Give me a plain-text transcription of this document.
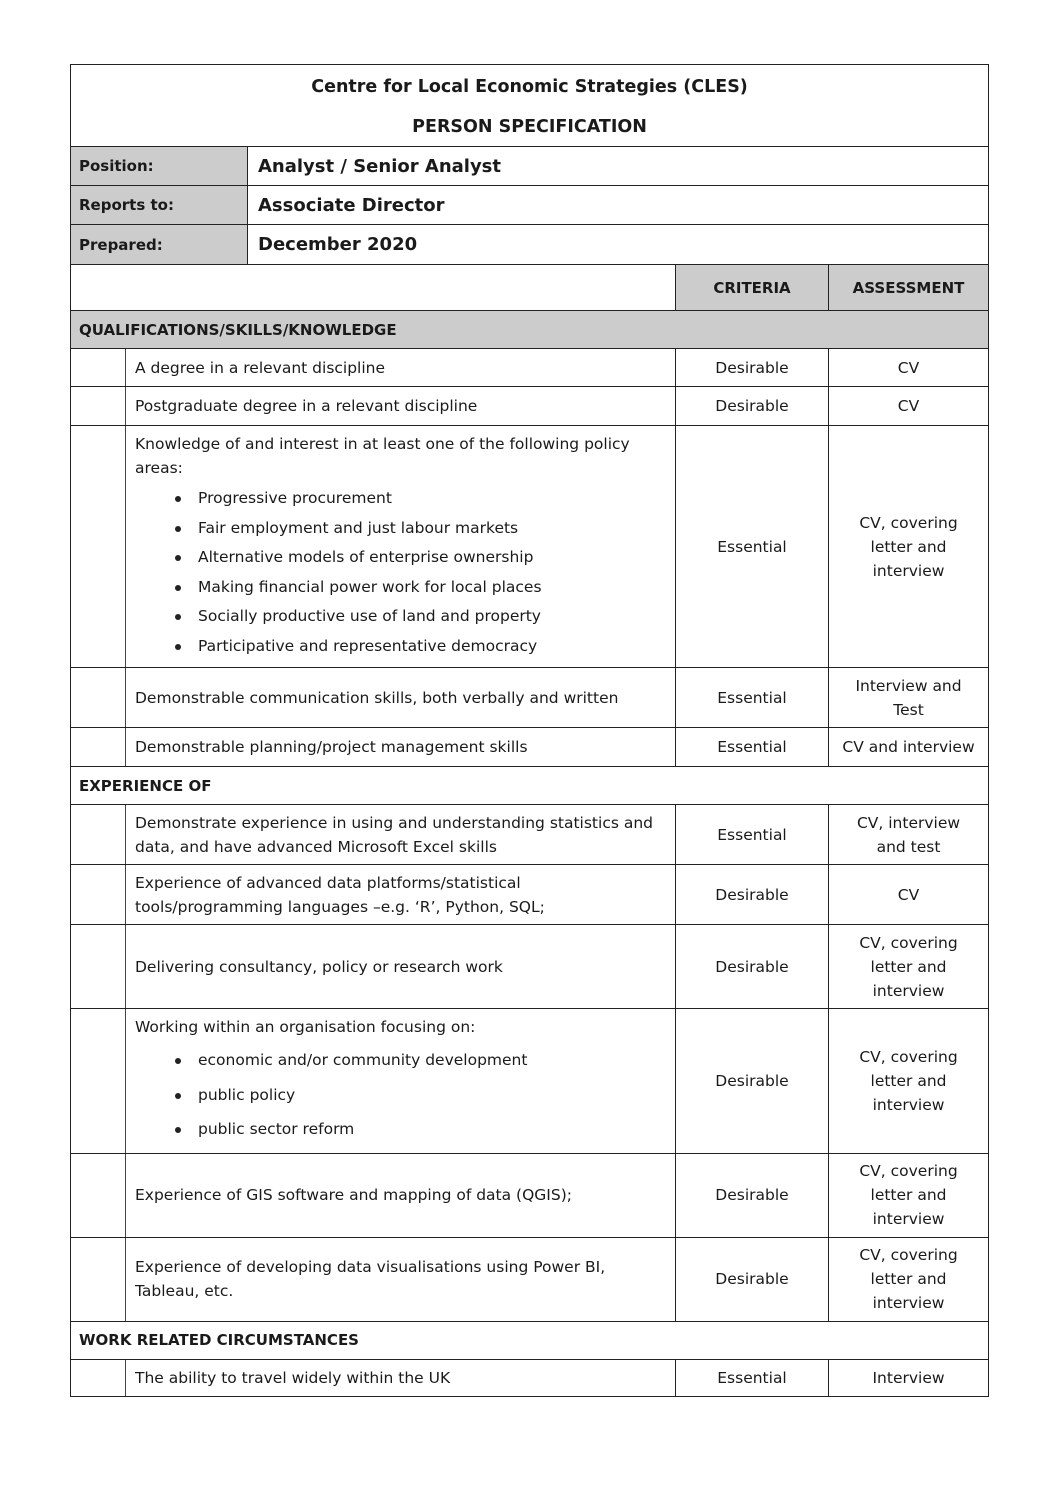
Centre for Local Economic Strategies (CLES)				
PERSON SPECIFICATION				
Position:		Analyst / Senior Analyst		
Reports to:		Associate Director		
Prepared:		December 2020		
			CRITERIA	ASSESSMENT
QUALIFICATIONS/SKILLS/KNOWLEDGE				
	A degree in a relevant discipline		Desirable	CV
	Postgraduate degree in a relevant discipline		Desirable	CV

Knowledge of and interest in at least one of the following policy areas:
Progressive procurement
Fair employment and just labour markets
Alternative models of enterprise ownership
Making financial power work for local places
Socially productive use of land and property
Participative and representative democracy
	Essential	CV, covering letter and interview
	Demonstrable communication skills, both verbally and written		Essential	Interview and Test
	Demonstrable planning/project management skills		Essential	CV and interview
EXPERIENCE OF				
	Demonstrate experience in using and understanding statistics and data, and have advanced Microsoft Excel skills		Essential	CV, interview and test
	Experience of advanced data platforms/statistical tools/programming languages –e.g. ‘R’, Python, SQL;		Desirable	CV
	Delivering consultancy, policy or research work		Desirable	CV, covering letter and interview

Working within an organisation focusing on:
economic and/or community development
public policy
public sector reform
	Desirable	CV, covering letter and interview
	Experience of GIS software and mapping of data (QGIS);		Desirable	CV, covering letter and interview
	Experience of developing data visualisations using Power BI, Tableau, etc.		Desirable	CV, covering letter and interview
WORK RELATED CIRCUMSTANCES				
	The ability to travel widely within the UK		Essential	Interview
